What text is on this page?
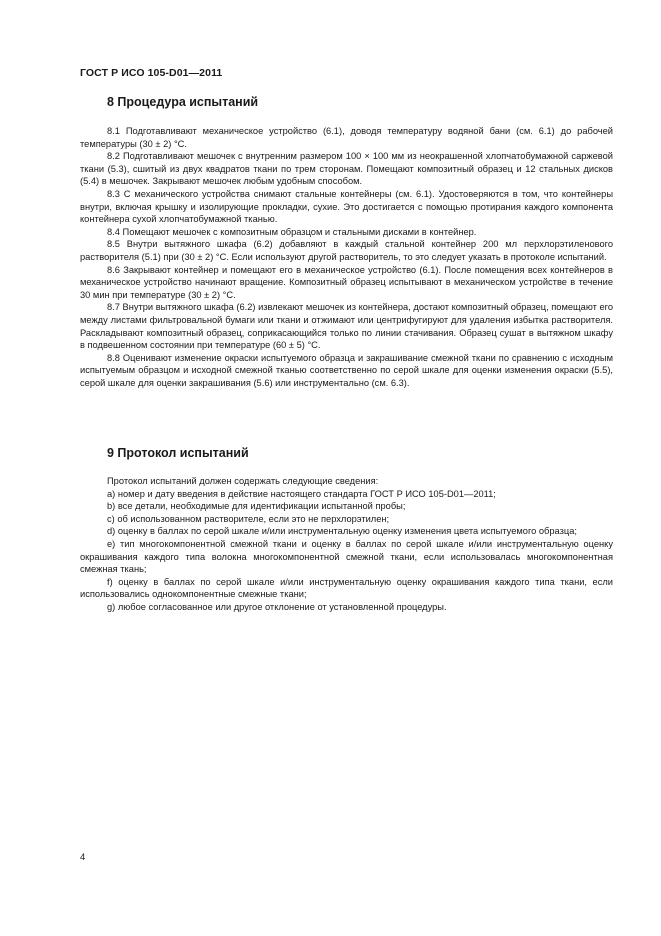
ГОСТ Р ИСО 105-D01—2011
8 Процедура испытаний

8.1 Подготавливают механическое устройство (6.1), доводя температуру водяной бани (см. 6.1) до рабочей температуры (30 ± 2) °С.

8.2 Подготавливают мешочек с внутренним размером 100 × 100 мм из неокрашенной хлопчатобумажной саржевой ткани (5.3), сшитый из двух квадратов ткани по трем сторонам. Помещают композитный образец и 12 стальных дисков (5.4) в мешочек. Закрывают мешочек любым удобным способом.

8.3 С механического устройства снимают стальные контейнеры (см. 6.1). Удостоверяются в том, что контейнеры внутри, включая крышку и изолирующие прокладки, сухие. Это достигается с помощью протирания каждого компонента контейнера сухой хлопчатобумажной тканью.

8.4 Помещают мешочек с композитным образцом и стальными дисками в контейнер.

8.5 Внутри вытяжного шкафа (6.2) добавляют в каждый стальной контейнер 200 мл перхлорэтиленового растворителя (5.1) при (30 ± 2) °С. Если используют другой растворитель, то это следует указать в протоколе испытаний.

8.6 Закрывают контейнер и помещают его в механическое устройство (6.1). После помещения всех контейнеров в механическое устройство начинают вращение. Композитный образец испытывают в механическом устройстве в течение 30 мин при температуре (30 ± 2) °С.

8.7 Внутри вытяжного шкафа (6.2) извлекают мешочек из контейнера, достают композитный образец, помещают его между листами фильтровальной бумаги или ткани и отжимают или центрифугируют для удаления избытка растворителя. Раскладывают композитный образец, соприкасающийся только по линии стачивания. Образец сушат в вытяжном шкафу в подвешенном состоянии при температуре (60 ± 5) °С.

8.8 Оценивают изменение окраски испытуемого образца и закрашивание смежной ткани по сравнению с исходным испытуемым образцом и исходной смежной тканью соответственно по серой шкале для оценки изменения окраски (5.5), серой шкале для оценки закрашивания (5.6) или инструментально (см. 6.3).

9 Протокол испытаний

Протокол испытаний должен содержать следующие сведения:

a) номер и дату введения в действие настоящего стандарта ГОСТ Р ИСО 105-D01—2011;

b) все детали, необходимые для идентификации испытанной пробы;

c) об использованном растворителе, если это не перхлорэтилен;

d) оценку в баллах по серой шкале и/или инструментальную оценку изменения цвета испытуемого образца;

e) тип многокомпонентной смежной ткани и оценку в баллах по серой шкале и/или инструментальную оценку окрашивания каждого типа волокна многокомпонентной смежной ткани, если использовалась многокомпонентная смежная ткань;

f) оценку в баллах по серой шкале и/или инструментальную оценку окрашивания каждого типа ткани, если использовались однокомпонентные смежные ткани;

g) любое согласованное или другое отклонение от установленной процедуры.

4
